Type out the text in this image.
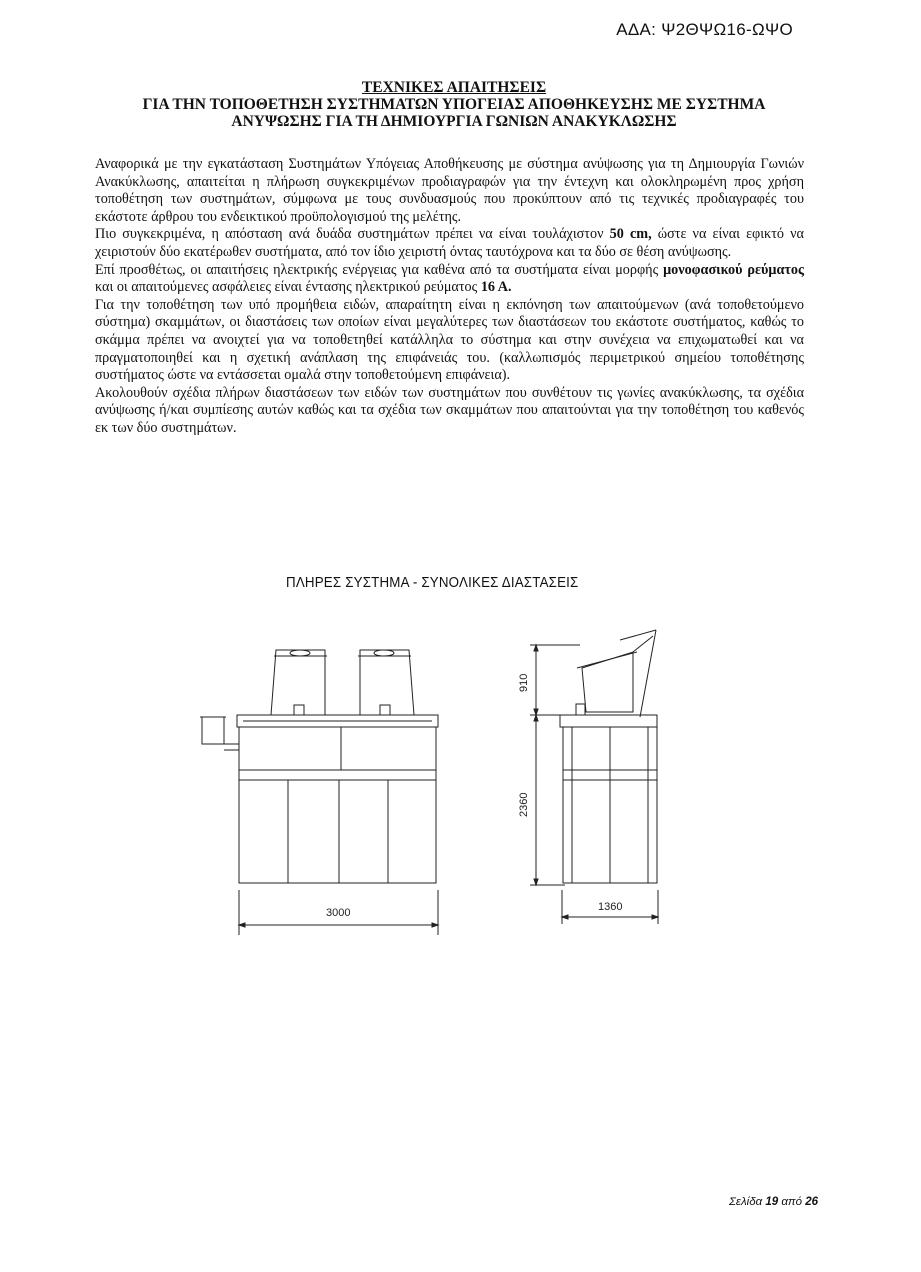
ΑΔΑ: Ψ2ΘΨΩ16-ΩΨΟ
ΤΕΧΝΙΚΕΣ ΑΠΑΙΤΗΣΕΙΣ
ΓΙΑ ΤΗΝ ΤΟΠΟΘΕΤΗΣΗ ΣΥΣΤΗΜΑΤΩΝ ΥΠΟΓΕΙΑΣ ΑΠΟΘΗΚΕΥΣΗΣ ΜΕ ΣΥΣΤΗΜΑ
ΑΝΥΨΩΣΗΣ ΓΙΑ ΤΗ ΔΗΜΙΟΥΡΓΙΑ ΓΩΝΙΩΝ ΑΝΑΚΥΚΛΩΣΗΣ

Αναφορικά με την εγκατάσταση Συστημάτων Υπόγειας Αποθήκευσης με σύστημα ανύψωσης για τη Δημιουργία Γωνιών Ανακύκλωσης, απαιτείται η πλήρωση συγκεκριμένων προδιαγραφών για την έντεχνη και ολοκληρωμένη προς χρήση τοποθέτηση των συστημάτων, σύμφωνα με τους συνδυασμούς που προκύπτουν από τις τεχνικές προδιαγραφές του εκάστοτε άρθρου του ενδεικτικού προϋπολογισμού της μελέτης.

Πιο συγκεκριμένα, η απόσταση ανά δυάδα συστημάτων πρέπει να είναι τουλάχιστον 50 cm, ώστε να είναι εφικτό να χειριστούν δύο εκατέρωθεν συστήματα, από τον ίδιο χειριστή όντας ταυτόχρονα και τα δύο σε θέση ανύψωσης.

Επί προσθέτως, οι απαιτήσεις ηλεκτρικής ενέργειας για καθένα από τα συστήματα είναι μορφής μονοφασικού ρεύματος και οι απαιτούμενες ασφάλειες είναι έντασης ηλεκτρικού ρεύματος 16 Α.

Για την τοποθέτηση των υπό προμήθεια ειδών, απαραίτητη είναι η εκπόνηση των απαιτούμενων (ανά τοποθετούμενο σύστημα) σκαμμάτων, οι διαστάσεις των οποίων είναι μεγαλύτερες των διαστάσεων του εκάστοτε συστήματος, καθώς το σκάμμα πρέπει να ανοιχτεί για να τοποθετηθεί κατάλληλα το σύστημα και στην συνέχεια να επιχωματωθεί και να πραγματοποιηθεί και η σχετική ανάπλαση της επιφάνειάς του. (καλλωπισμός περιμετρικού σημείου τοποθέτησης συστήματος ώστε να εντάσσεται ομαλά στην τοποθετούμενη επιφάνεια).

Ακολουθούν σχέδια πλήρων διαστάσεων των ειδών των συστημάτων που συνθέτουν τις γωνίες ανακύκλωσης, τα σχέδια ανύψωσης ή/και συμπίεσης αυτών καθώς και τα σχέδια των σκαμμάτων που απαιτούνται για την τοποθέτηση του καθενός εκ των δύο συστημάτων.

ΠΛΗΡΕΣ ΣΥΣΤΗΜΑ - ΣΥΝΟΛΙΚΕΣ ΔΙΑΣΤΑΣΕΙΣ
3000	1360
910
2360
Σελίδα 19 από 26
